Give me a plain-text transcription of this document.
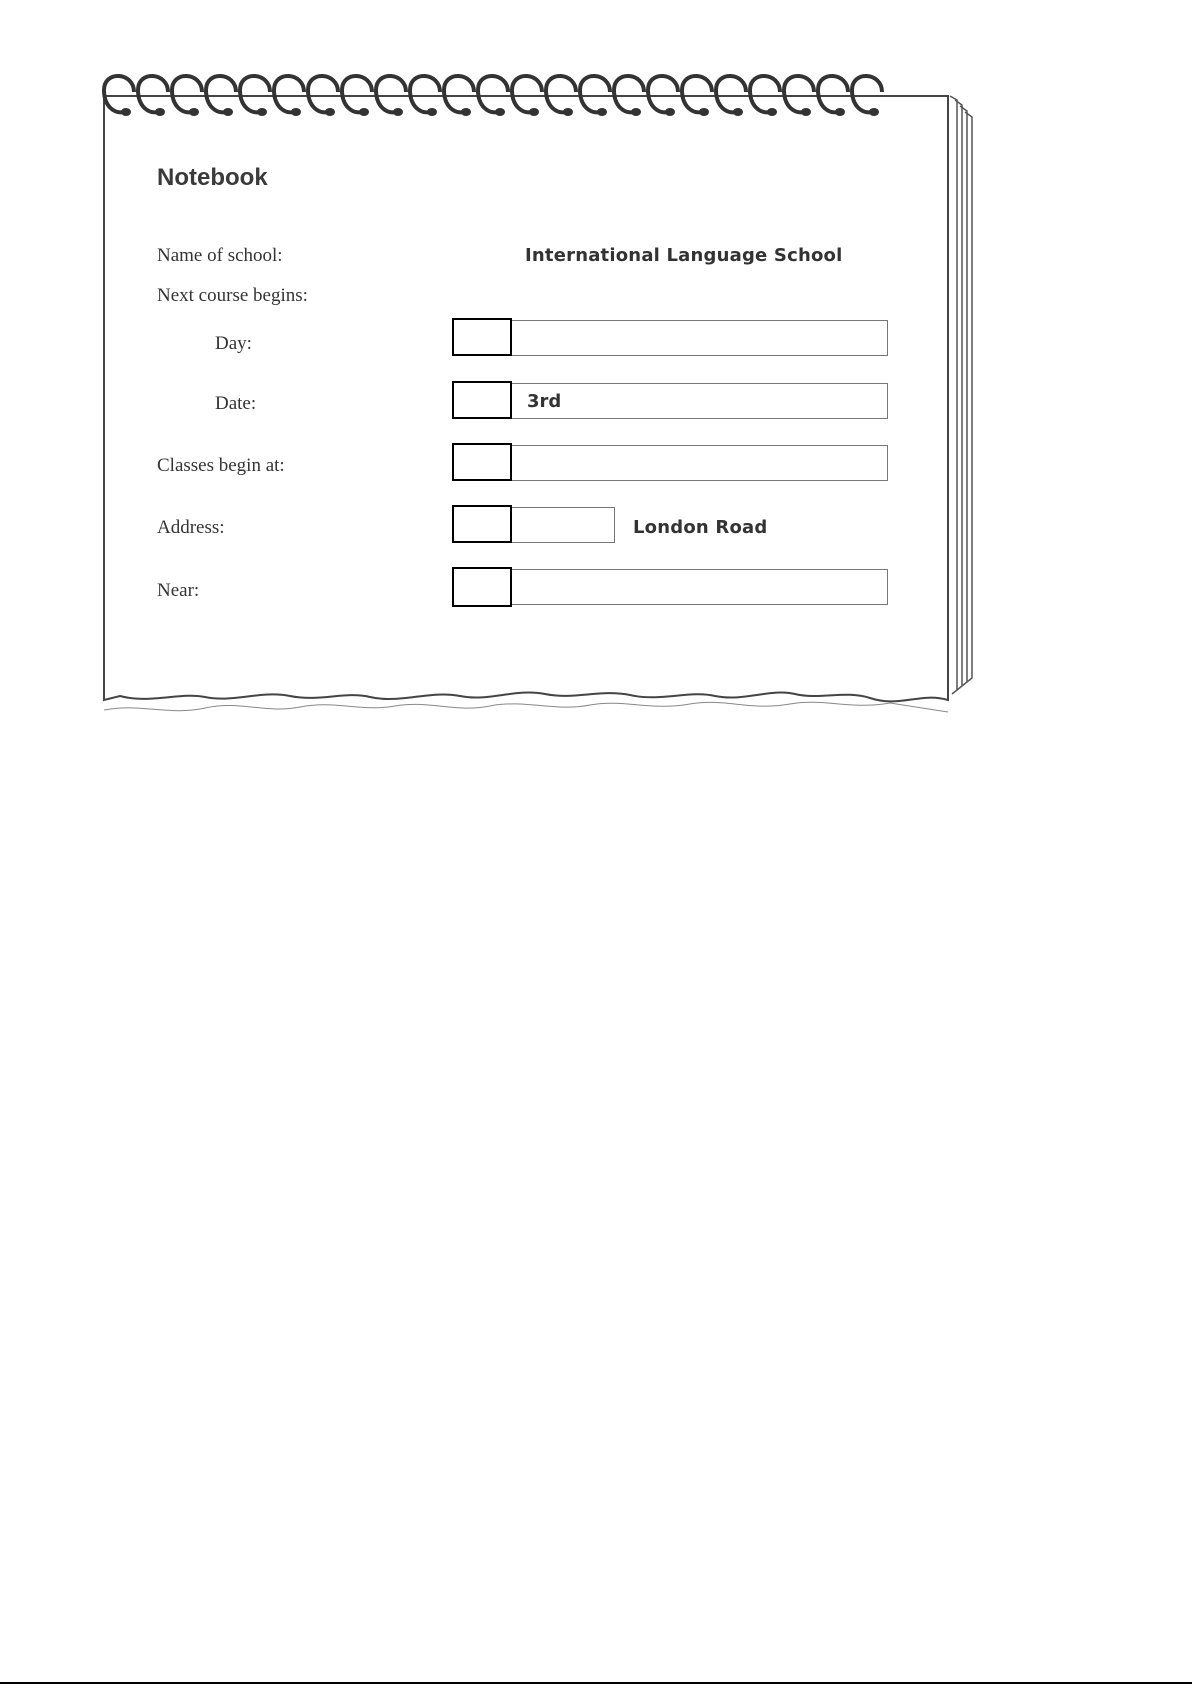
Notebook
Name of school:	International Language School
Next course begins:
Day:
Date:	3rd
Classes begin at:
Address:	London Road
Near:
